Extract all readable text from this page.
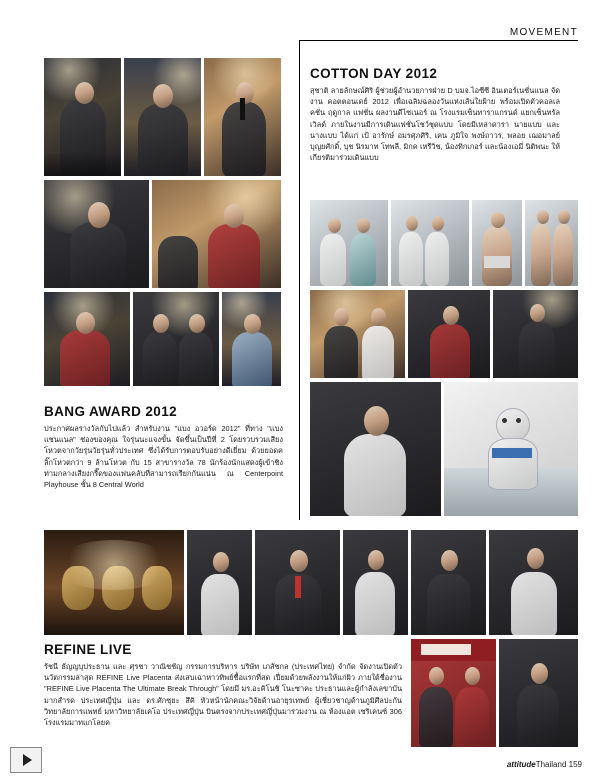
MOVEMENT
BANG AWARD 2012
ประกาศผลรางวัลกับไปแล้ว สำหรับงาน "แบง อวอร์ด 2012" ที่ทาง "แบง แชนแนล" ช่องของคุณ ใจรุ่นนะแจงขั้น จัดขึ้นเป็นปีที่ 2 โดยรวบรวมเสียงโหวตจากวัยรุ่นวัยรุ่นทั่วประเทศ ซึ่งได้รับการตอบรับอย่างดีเยี่ยม ด้วยยอดคลิ๊กโหวตกว่า 9 ล้านโหวต กับ 15 สาขารางวัล 78 นักร้องนักแสดงผู้เข้าชิง ท่ามกลางเสียงกรี๊ดของแฟนคลับที่สามารถเรียกกันแน่น ณ Centerpoint Playhouse ชั้น 8 Central World
COTTON DAY 2012
สุชาติ ลายลักษณ์ศิริ ผู้ช่วยผู้อำนวยการฝ่าย D บมจ.ไอซีซี อินเตอร์เนชั่นแนล จัดงาน คอตตอนเดย์ 2012 เพื่อเฉลิมฉลองวันแห่งเส้นใยฝ้าย พร้อมเปิดตัวคอลเลคชั่น ฤดูกาล แฟชั่น ผลงานดีไซเนอร์ ณ โรงแรมเซ็นทาราแกรนด์ แยกเซ็นทรัลเวิลด์ ภายในงานมีการเดินแฟชั่นโชว์ชุดแบบ โดยมีเหล่าดารา นายแบบ และนางแบบ ได้แก่ เป้ อารักษ์ อมรศุภศิริ, เคน ภูมิใจ พงษ์ถาวร, พลอย เฌอมาลย์ บุญยศักดิ์, บุช นิรมาท โทพลี, มิกค เหรีวิช, น้องทิกเกอร์ และน้องเอมี่ นิติพนะ ให้เกียรติมาร่วมเดินแบบ
REFINE LIVE
รัชนี ธัญญบุประธาน และ ศุรชา วาณิชชัญ กรรมการบริหาร บริษัท เภสัชกล (ประเทศไทย) จำกัด จัดงานเปิดตัว นวัตกรรมล่าสุด REFINE Live Placenta ส่งเสบเฉาหาวทิพย์ชื้อแรกที่สด เปี่ยมด้วยพลังงานให้แก่ผิว ภายใต้ชื่องาน "REFINE Live Placenta The Ultimate Break Through" โดยมี มร.อะคิโนชิ โนะซาคะ ประธานและผู้กำลังเลขาบันมากสำรด ประเทศญี่ปุ่น และ ดร.ศักซุยะ สึคิ หัวหน้านักคณะวิจัยด้านอายุรเทพย์ ผู้เชี่ยวชาญด้านภูมิศึลปะกัน วิทยาลัยการแพทย์ มหาวิทยาลัยเคโอ ประเทศญี่ปุ่น บินตรงจากประเทศญี่ปุ่นมาร่วมงาน ณ ห้องแอต เซริเคนซ์ 306 โรงแรมมาทแกโลยค
attitudeThailand 159
